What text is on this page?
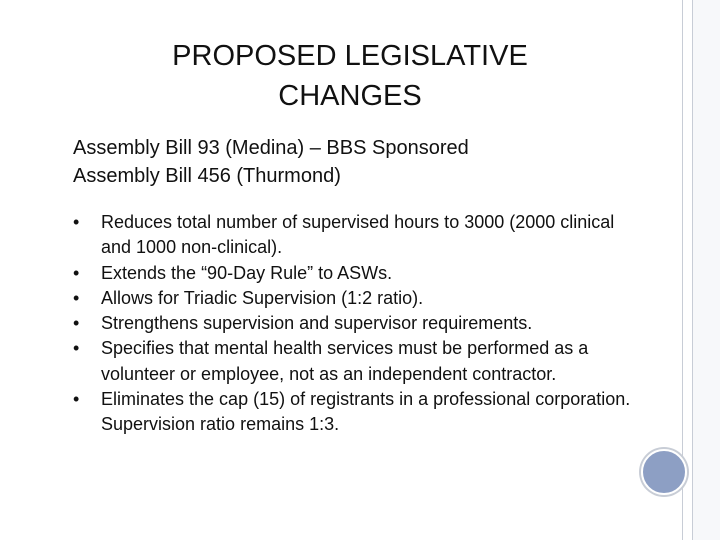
PROPOSED LEGISLATIVE
CHANGES
Assembly Bill 93 (Medina) – BBS Sponsored
Assembly Bill 456 (Thurmond)
• Reduces total number of supervised hours to 3000 (2000 clinical and 1000 non-clinical).
• Extends the “90-Day Rule” to ASWs.
• Allows for Triadic Supervision (1:2 ratio).
• Strengthens supervision and supervisor requirements.
• Specifies that mental health services must be performed as a volunteer or employee, not as an independent contractor.
• Eliminates the cap (15) of registrants in a professional corporation. Supervision ratio remains 1:3.
